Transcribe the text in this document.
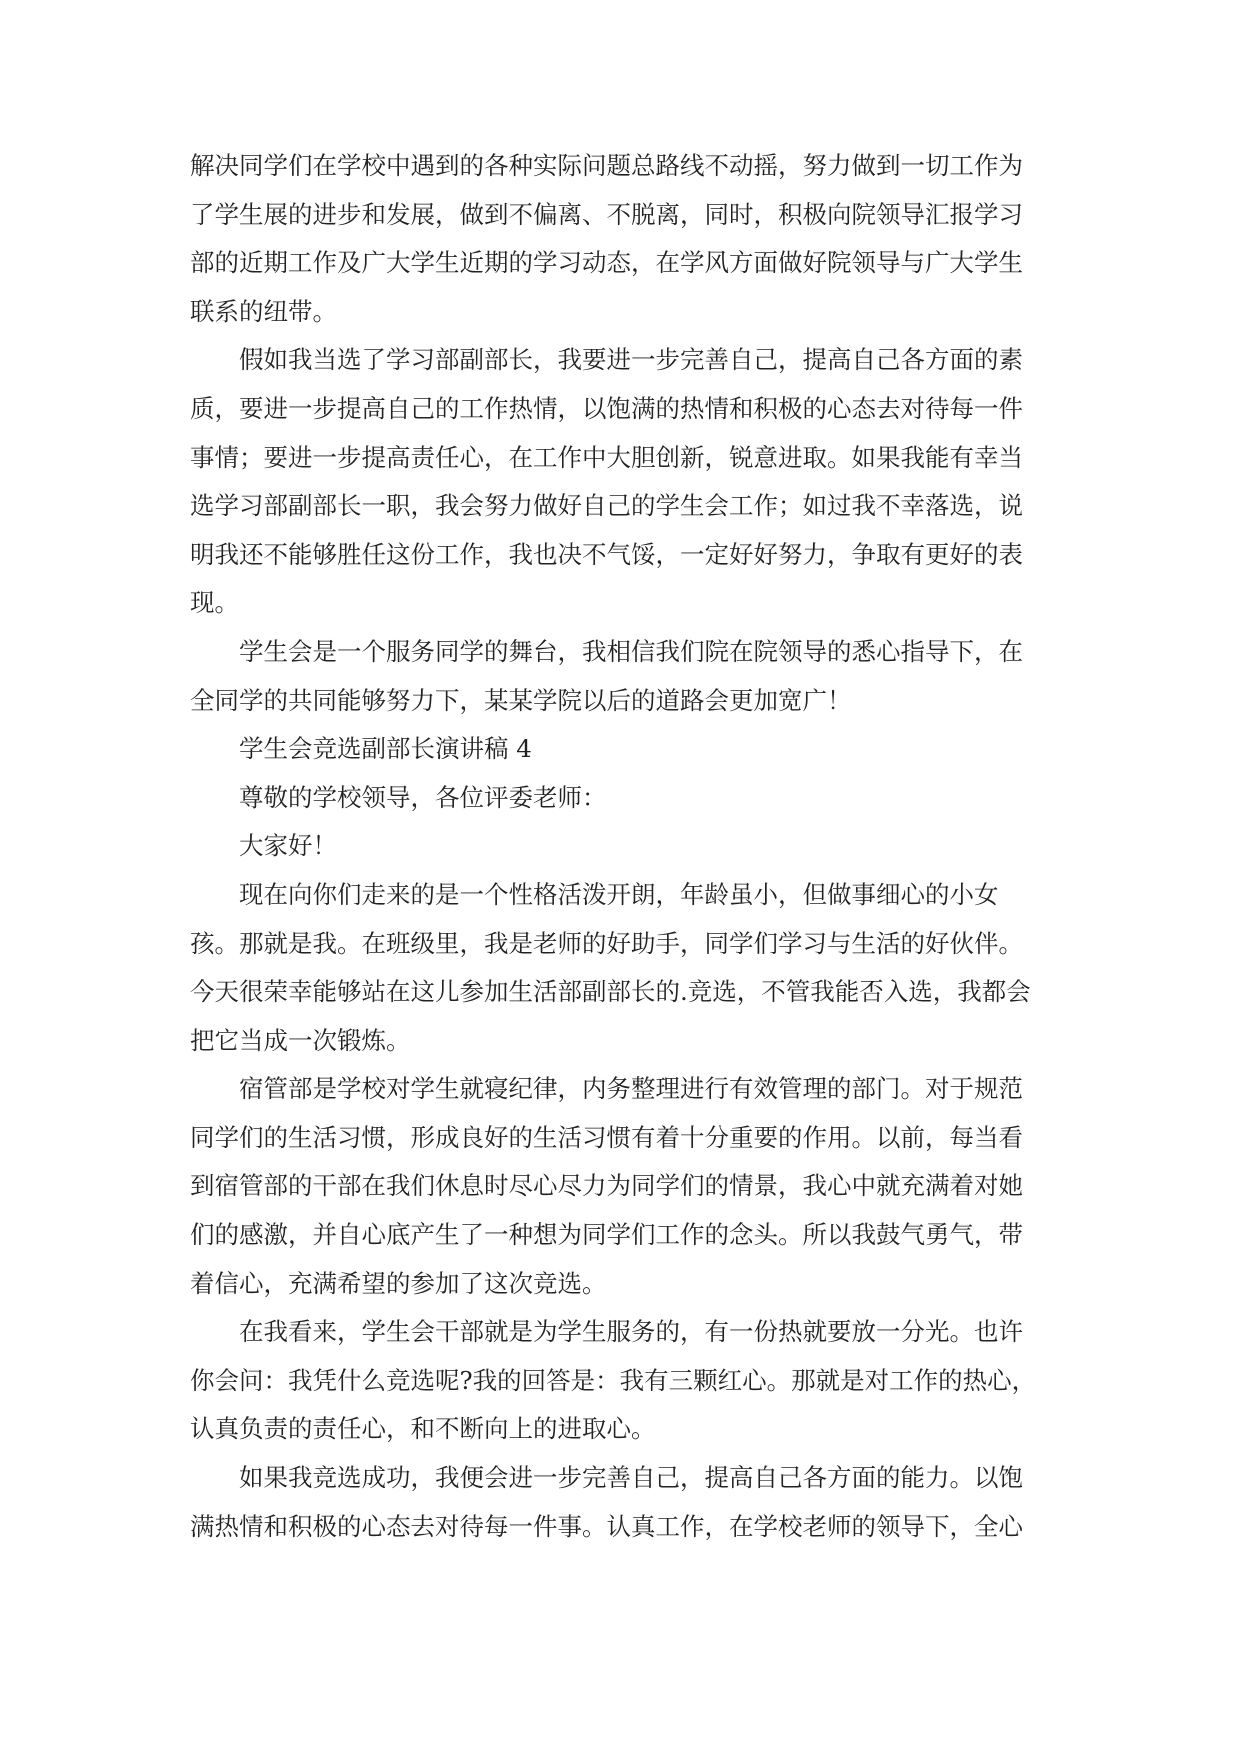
解决同学们在学校中遇到的各种实际问题总路线不动摇，努力做到一切工作为
了学生展的进步和发展，做到不偏离、不脱离，同时，积极向院领导汇报学习
部的近期工作及广大学生近期的学习动态，在学风方面做好院领导与广大学生
联系的纽带。
假如我当选了学习部副部长，我要进一步完善自己，提高自己各方面的素
质，要进一步提高自己的工作热情，以饱满的热情和积极的心态去对待每一件
事情；要进一步提高责任心，在工作中大胆创新，锐意进取。如果我能有幸当
选学习部副部长一职，我会努力做好自己的学生会工作；如过我不幸落选，说
明我还不能够胜任这份工作，我也决不气馁，一定好好努力，争取有更好的表
现。
学生会是一个服务同学的舞台，我相信我们院在院领导的悉心指导下，在
全同学的共同能够努力下，某某学院以后的道路会更加宽广！
学生会竞选副部长演讲稿 4
尊敬的学校领导，各位评委老师：
大家好！
现在向你们走来的是一个性格活泼开朗，年龄虽小，但做事细心的小女
孩。那就是我。在班级里，我是老师的好助手，同学们学习与生活的好伙伴。
今天很荣幸能够站在这儿参加生活部副部长的.竞选，不管我能否入选，我都会
把它当成一次锻炼。
宿管部是学校对学生就寝纪律，内务整理进行有效管理的部门。对于规范
同学们的生活习惯，形成良好的生活习惯有着十分重要的作用。以前，每当看
到宿管部的干部在我们休息时尽心尽力为同学们的情景，我心中就充满着对她
们的感激，并自心底产生了一种想为同学们工作的念头。所以我鼓气勇气，带
着信心，充满希望的参加了这次竞选。
在我看来，学生会干部就是为学生服务的，有一份热就要放一分光。也许
你会问：我凭什么竞选呢?我的回答是：我有三颗红心。那就是对工作的热心，
认真负责的责任心，和不断向上的进取心。
如果我竞选成功，我便会进一步完善自己，提高自己各方面的能力。以饱
满热情和积极的心态去对待每一件事。认真工作，在学校老师的领导下，全心
